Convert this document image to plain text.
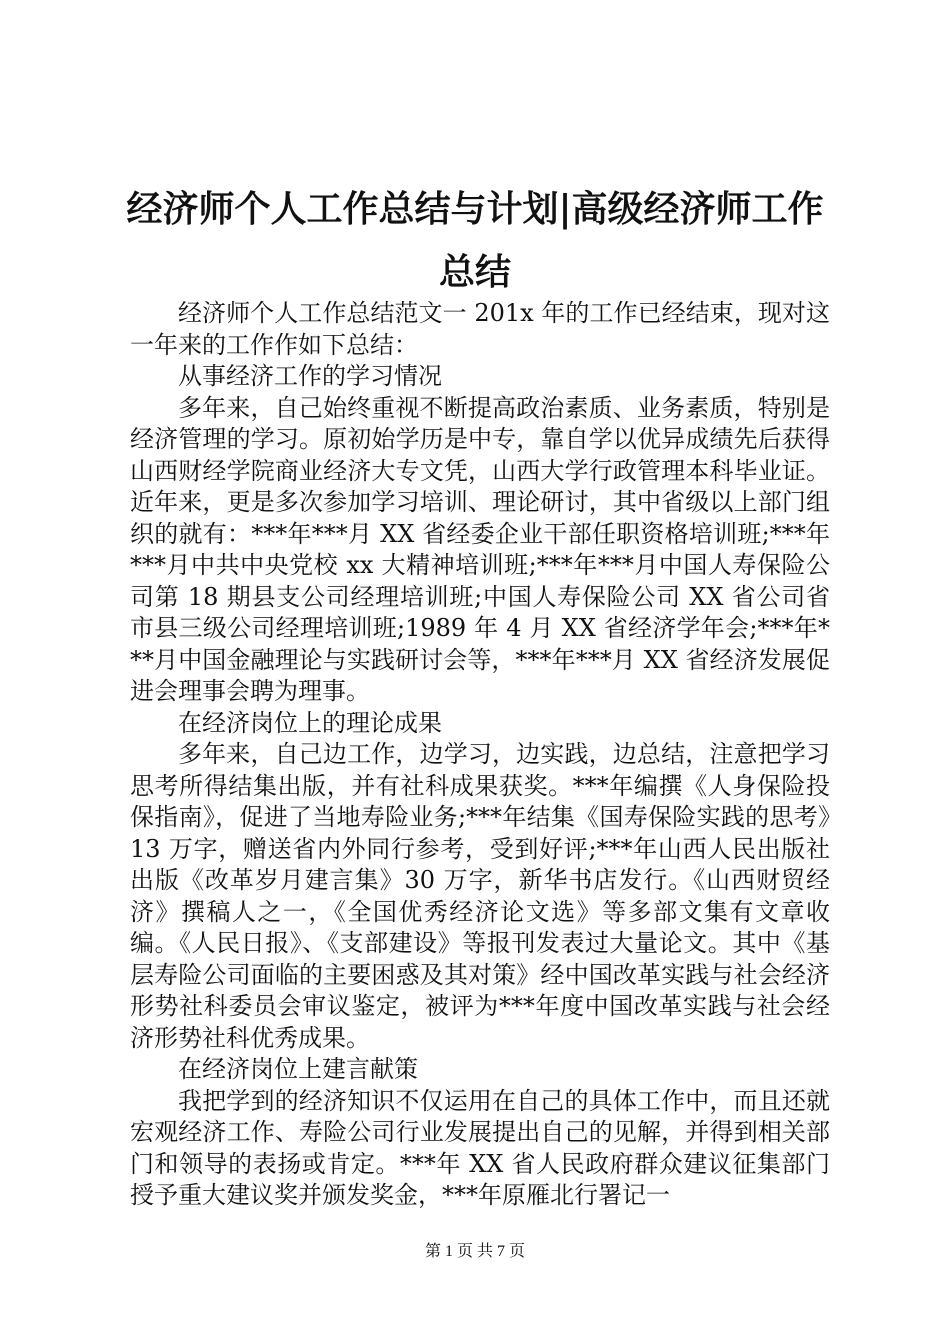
经济师个人工作总结与计划|高级经济师工作总结

经济师个人工作总结范文一 201x 年的工作已经结束，现对这一年来的工作作如下总结：

从事经济工作的学习情况

多年来，自己始终重视不断提高政治素质、业务素质，特别是经济管理的学习。原初始学历是中专，靠自学以优异成绩先后获得山西财经学院商业经济大专文凭，山西大学行政管理本科毕业证。近年来，更是多次参加学习培训、理论研讨，其中省级以上部门组织的就有：***年***月 XX 省经委企业干部任职资格培训班;***年***月中共中央党校 xx 大精神培训班;***年***月中国人寿保险公司第 18 期县支公司经理培训班;中国人寿保险公司 XX 省公司省市县三级公司经理培训班;1989 年 4 月 XX 省经济学年会;***年***月中国金融理论与实践研讨会等，***年***月 XX 省经济发展促进会理事会聘为理事。

在经济岗位上的理论成果

多年来，自己边工作，边学习，边实践，边总结，注意把学习思考所得结集出版，并有社科成果获奖。***年编撰《人身保险投保指南》，促进了当地寿险业务;***年结集《国寿保险实践的思考》13 万字，赠送省内外同行参考，受到好评;***年山西人民出版社出版《改革岁月建言集》30 万字，新华书店发行。《山西财贸经济》撰稿人之一，《全国优秀经济论文选》等多部文集有文章收编。《人民日报》、《支部建设》等报刊发表过大量论文。其中《基层寿险公司面临的主要困惑及其对策》经中国改革实践与社会经济形势社科委员会审议鉴定，被评为***年度中国改革实践与社会经济形势社科优秀成果。

在经济岗位上建言献策

我把学到的经济知识不仅运用在自己的具体工作中，而且还就宏观经济工作、寿险公司行业发展提出自己的见解，并得到相关部门和领导的表扬或肯定。***年 XX 省人民政府群众建议征集部门授予重大建议奖并颁发奖金，***年原雁北行署记一

第 1 页 共 7 页
